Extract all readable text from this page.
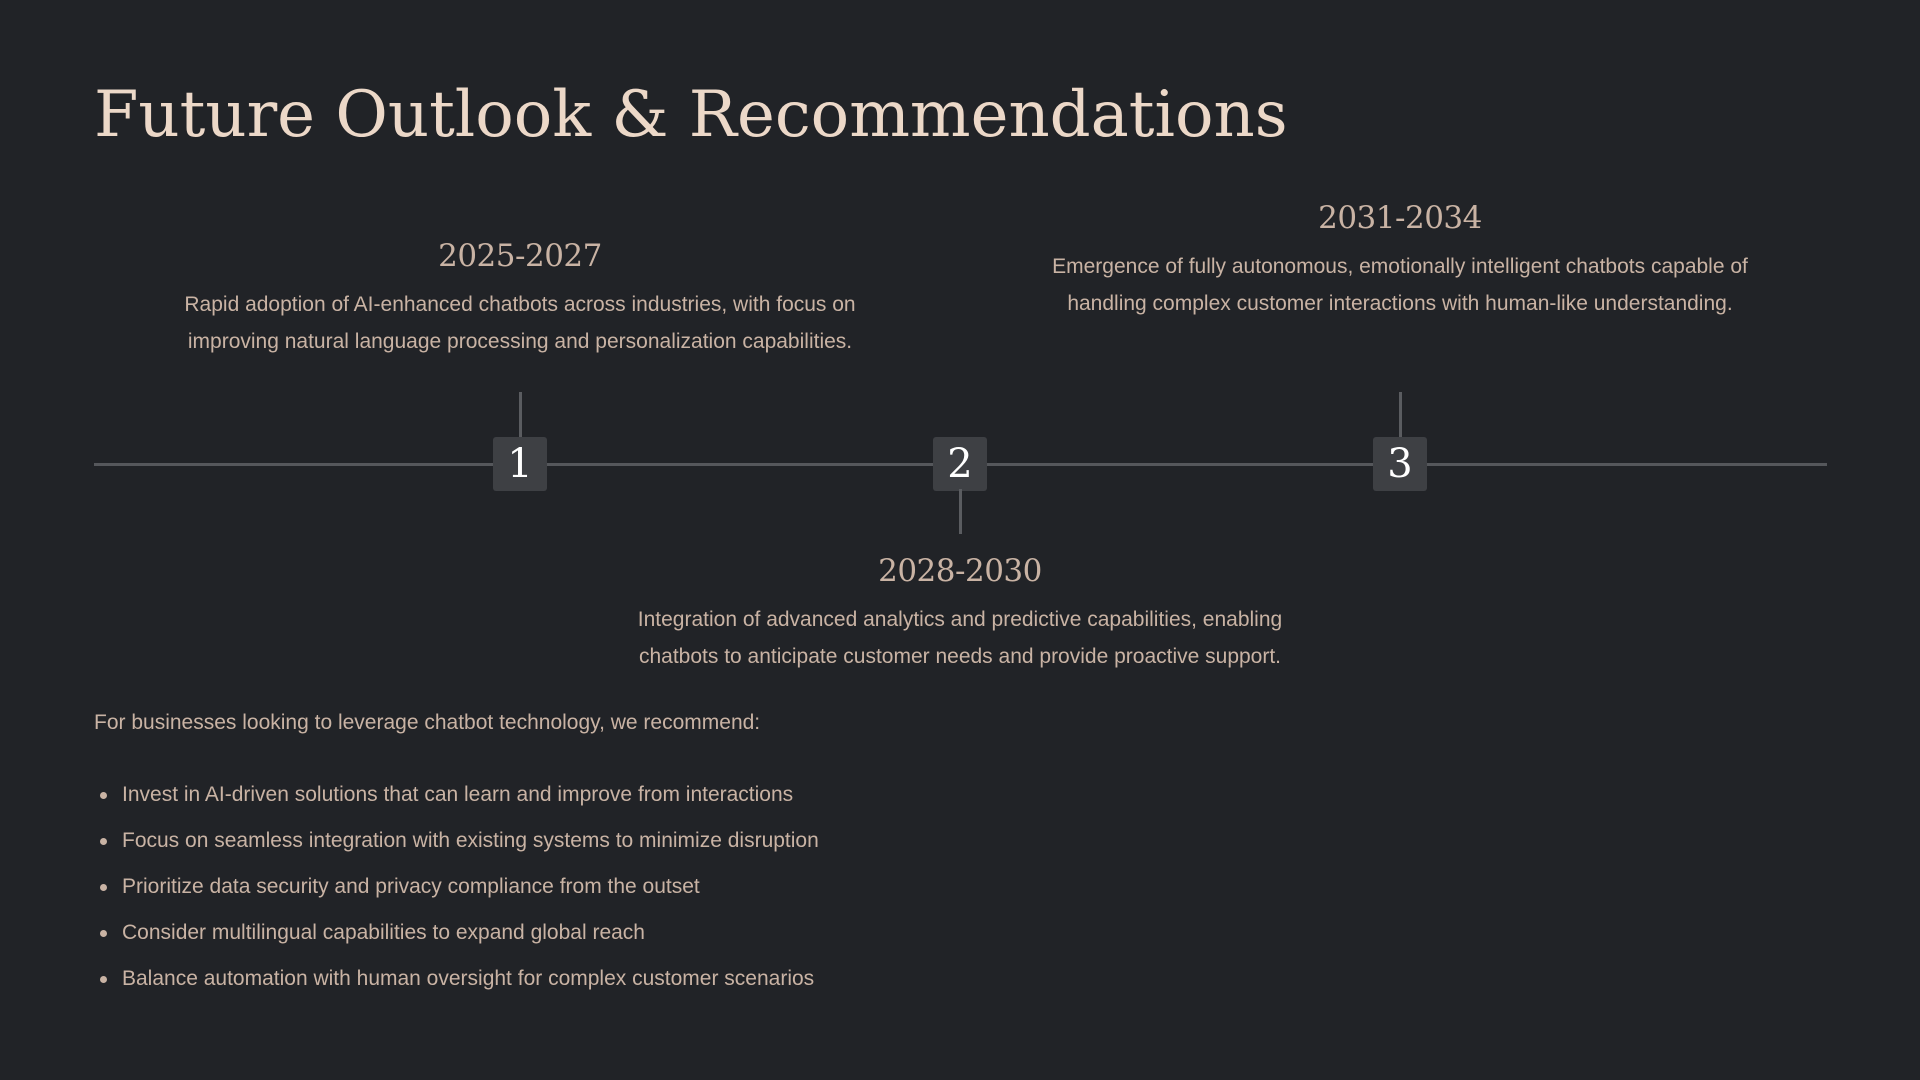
Future Outlook & Recommendations
2025-2027

Rapid adoption of AI-enhanced chatbots across industries, with focus on
improving natural language processing and personalization capabilities.

1	2
2028-2030

Integration of advanced analytics and predictive capabilities, enabling
chatbots to anticipate customer needs and provide proactive support.

2031-2034

Emergence of fully autonomous, emotionally intelligent chatbots capable of
handling complex customer interactions with human-like understanding.

3

For businesses looking to leverage chatbot technology, we recommend:

Invest in AI-driven solutions that can learn and improve from interactions
Focus on seamless integration with existing systems to minimize disruption
Prioritize data security and privacy compliance from the outset
Consider multilingual capabilities to expand global reach
Balance automation with human oversight for complex customer scenarios
